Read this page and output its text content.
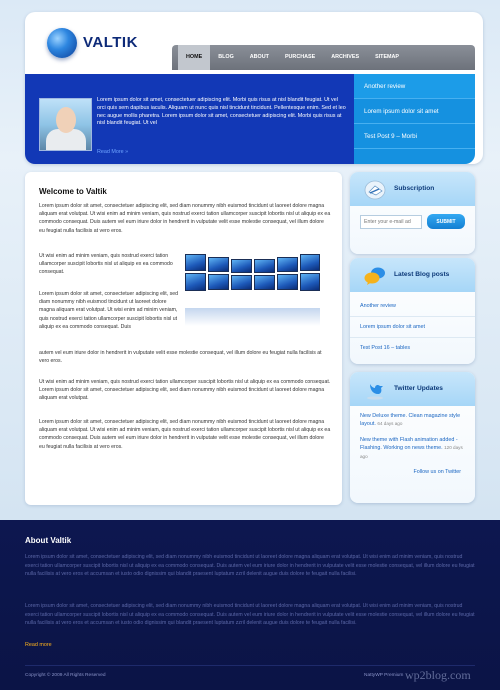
VALTIK
HOME	BLOG	ABOUT	PURCHASE	ARCHIVES	SITEMAP
Lorem ipsum dolor sit amet, consectetuer adipiscing elit. Morbi quis risus at nisl blandit feugiat. Ut vel orci quis sem dapibus iaculis. Aliquam ut nunc quis nisl tincidunt tincidunt. Pellentesque enim. Sed et leo nec augue mollis pharetra. Lorem ipsum dolor sit amet, consectetuer adipiscing elit. Morbi quis risus at nisl blandit feugiat. Ut vel
Read More »
Another review
Lorem ipsum dolor sit amet
Test Post 9 – Morbi
Welcome to Valtik
Lorem ipsum dolor sit amet, consectetuer adipiscing elit, sed diam nonummy nibh euismod tincidunt ut laoreet dolore magna aliquam erat volutpat. Ut wisi enim ad minim veniam, quis nostrud exerci tation ullamcorper suscipit lobortis nisl ut aliquip ex ea commodo consequat. Duis autem vel eum iriure dolor in hendrerit in vulputate velit esse molestie consequat, vel illum dolore eu feugiat nulla facilisis at vero eros.
Ut wisi enim ad minim veniam, quis nostrud exerci tation ullamcorper suscipit lobortis nisl ut aliquip ex ea commodo consequat.
Lorem ipsum dolor sit amet, consectetuer adipiscing elit, sed diam nonummy nibh euismod tincidunt ut laoreet dolore magna aliquam erat volutpat. Ut wisi enim ad minim veniam, quis nostrud exerci tation ullamcorper suscipit lobortis nisl ut aliquip ex ea commodo consequat. Duis
autem vel eum iriure dolor in hendrerit in vulputate velit esse molestie consequat, vel illum dolore eu feugiat nulla facilisis at vero eros.
Ut wisi enim ad minim veniam, quis nostrud exerci tation ullamcorper suscipit lobortis nisl ut aliquip ex ea commodo consequat. Lorem ipsum dolor sit amet, consectetuer adipiscing elit, sed diam nonummy nibh euismod tincidunt ut laoreet dolore magna aliquam erat volutpat.
Lorem ipsum dolor sit amet, consectetuer adipiscing elit, sed diam nonummy nibh euismod tincidunt ut laoreet dolore magna aliquam erat volutpat. Ut wisi enim ad minim veniam, quis nostrud exerci tation ullamcorper suscipit lobortis nisl ut aliquip ex ea commodo consequat. Duis autem vel eum iriure dolor in hendrerit in vulputate velit esse molestie consequat, vel illum dolore eu feugiat nulla facilisis at vero eros.
Subscription
Enter your e-mail ad
SUBMIT
Latest Blog posts
Another review
Lorem ipsum dolor sit amet
Test Post 16 – tables
Twitter Updates
New Deluxe theme. Clean magazine style layout. 64 days ago
New theme with Flash animation added - Flashing. Working on news theme. 120 days ago
Follow us on Twitter
About Valtik
Lorem ipsum dolor sit amet, consectetuer adipiscing elit, sed diam nonummy nibh euismod tincidunt ut laoreet dolore magna aliquam erat volutpat. Ut wisi enim ad minim veniam, quis nostrud exerci tation ullamcorper suscipit lobortis nisl ut aliquip ex ea commodo consequat. Duis autem vel eum iriure dolor in hendrerit in vulputate velit esse molestie consequat, vel illum dolore eu feugiat nulla facilisis at vero eros et accumsan et iusto odio dignissim qui blandit praesent luptatum zzril delenit augue duis dolore te feugait nulla facilisi.
Lorem ipsum dolor sit amet, consectetuer adipiscing elit, sed diam nonummy nibh euismod tincidunt ut laoreet dolore magna aliquam erat volutpat. Ut wisi enim ad minim veniam, quis nostrud exerci tation ullamcorper suscipit lobortis nisl ut aliquip ex ea commodo consequat. Duis autem vel eum iriure dolor in hendrerit in vulputate velit esse molestie consequat, vel illum dolore eu feugiat nulla facilisis at vero eros et accumsan et iusto odio dignissim qui blandit praesent luptatum zzril delenit augue duis dolore te feugait nulla facilisi.
Read more
Copyright © 2009 All Rights Reserved	NattyWP Premium wp2blog.com
